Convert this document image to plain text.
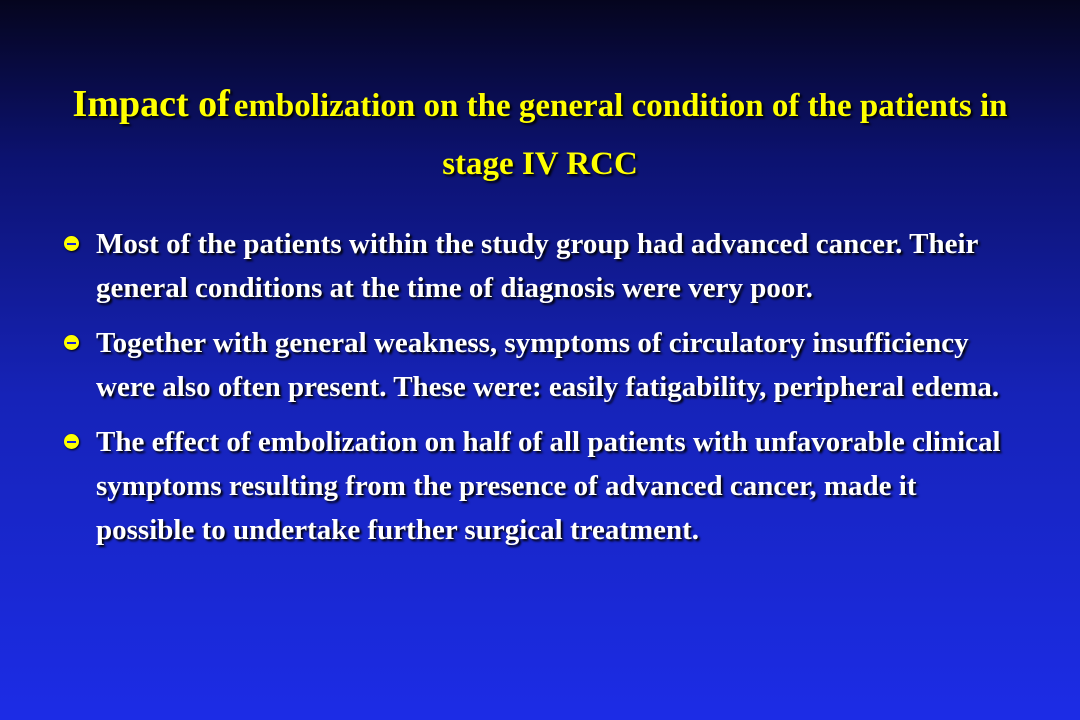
Impact of embolization on the general condition of the patients in stage IV RCC
Most of the patients within the study group had advanced cancer. Their general conditions at the time of diagnosis were very poor.
Together with general weakness, symptoms of circulatory insufficiency were also often present. These were: easily fatigability, peripheral edema.
The effect of embolization on half of all patients with unfavorable clinical symptoms resulting from the presence of advanced cancer, made it possible to undertake further surgical treatment.
